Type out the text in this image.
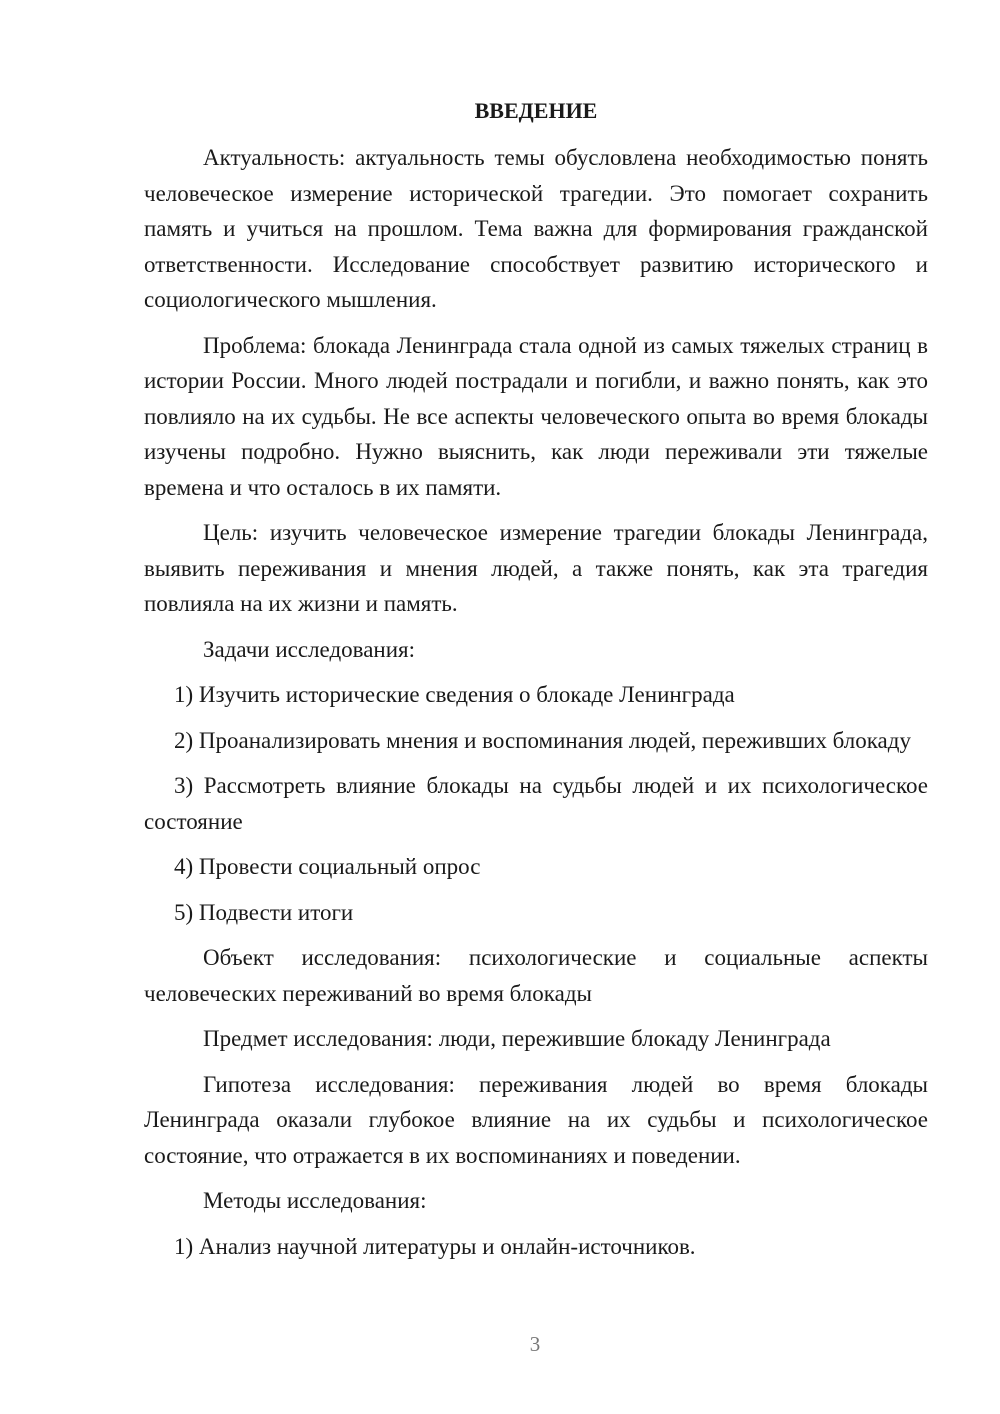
ВВЕДЕНИЕ

Актуальность: актуальность темы обусловлена необходимостью понять человеческое измерение исторической трагедии. Это помогает сохранить память и учиться на прошлом. Тема важна для формирования гражданской ответственности. Исследование способствует развитию исторического и социологического мышления.

Проблема: блокада Ленинграда стала одной из самых тяжелых страниц в истории России. Много людей пострадали и погибли, и важно понять, как это повлияло на их судьбы. Не все аспекты человеческого опыта во время блокады изучены подробно. Нужно выяснить, как люди переживали эти тяжелые времена и что осталось в их памяти.

Цель: изучить человеческое измерение трагедии блокады Ленинграда, выявить переживания и мнения людей, а также понять, как эта трагедия повлияла на их жизни и память.

Задачи исследования:

1) Изучить исторические сведения о блокаде Ленинграда

2) Проанализировать мнения и воспоминания людей, переживших блокаду

3) Рассмотреть влияние блокады на судьбы людей и их психологическое состояние

4) Провести социальный опрос

5) Подвести итоги

Объект исследования: психологические и социальные аспекты человеческих переживаний во время блокады

Предмет исследования: люди, пережившие блокаду Ленинграда

Гипотеза исследования: переживания людей во время блокады Ленинграда оказали глубокое влияние на их судьбы и психологическое состояние, что отражается в их воспоминаниях и поведении.

Методы исследования:

1) Анализ научной литературы и онлайн-источников.

3
